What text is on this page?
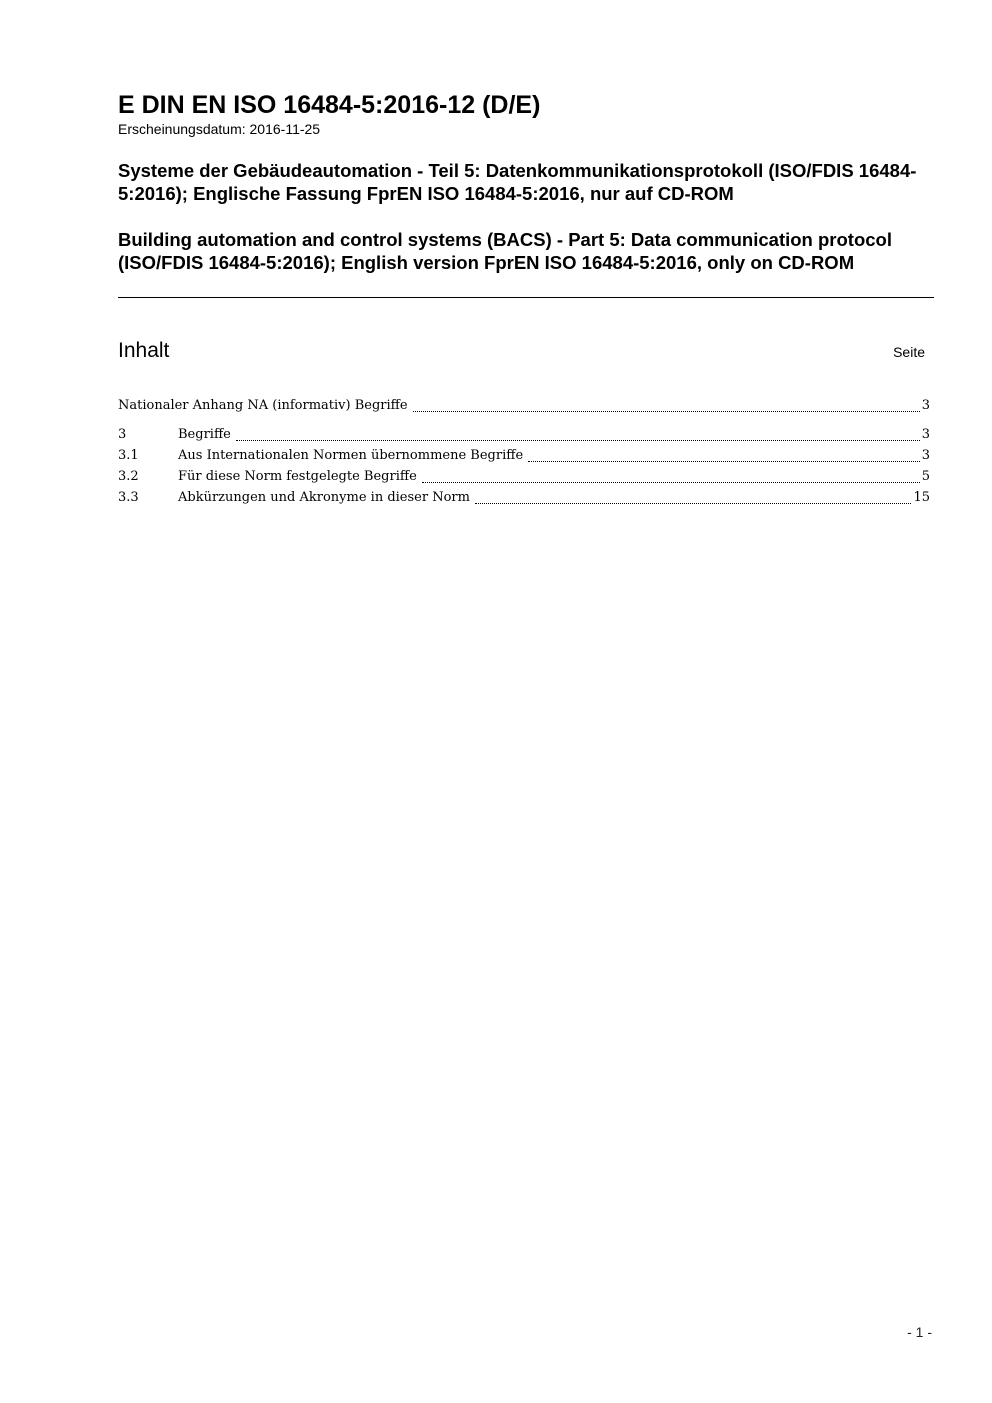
E DIN EN ISO 16484-5:2016-12 (D/E)
Erscheinungsdatum: 2016-11-25
Systeme der Gebäudeautomation - Teil 5: Datenkommunikationsprotokoll (ISO/FDIS 16484-5:2016); Englische Fassung FprEN ISO 16484-5:2016, nur auf CD-ROM
Building automation and control systems (BACS) - Part 5: Data communication protocol (ISO/FDIS 16484-5:2016); English version FprEN ISO 16484-5:2016, only on CD-ROM
Inhalt	Seite
Nationaler Anhang NA (informativ) Begriffe	3
3	Begriffe	3
3.1	Aus Internationalen Normen übernommene Begriffe	3
3.2	Für diese Norm festgelegte Begriffe	5
3.3	Abkürzungen und Akronyme in dieser Norm	15
- 1 -
